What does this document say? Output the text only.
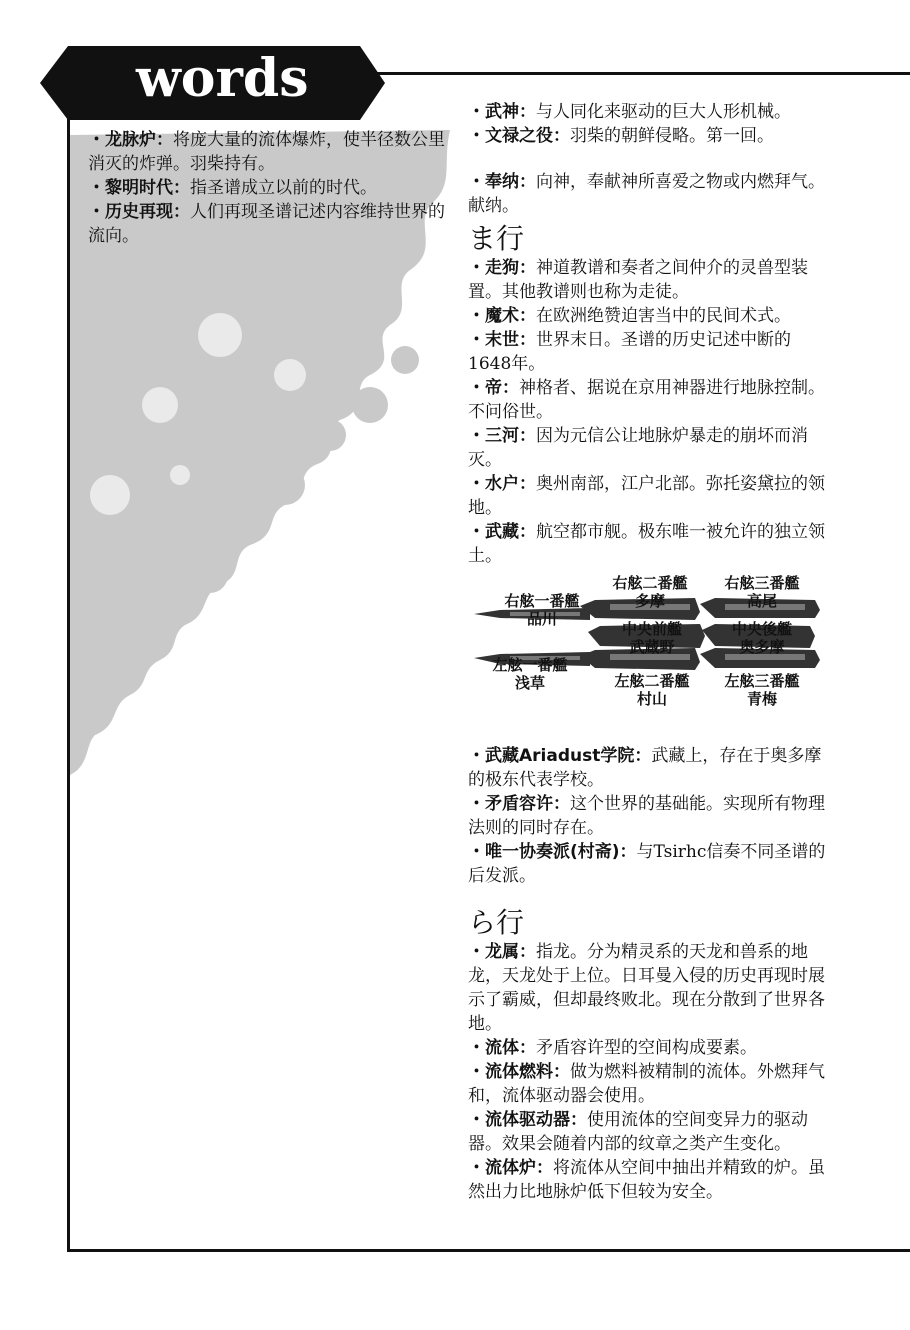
words

・龙脉炉：将庞大量的流体爆炸，使半径数公里消灭的炸弹。羽柴持有。

・黎明时代：指圣谱成立以前的时代。

・历史再现：人们再现圣谱记述内容维持世界的流向。

・武神：与人同化来驱动的巨大人形机械。

・文禄之役：羽柴的朝鲜侵略。第一回。

・奉纳：向神，奉献神所喜爱之物或内燃拜气。献纳。

ま行

・走狗：神道教谱和奏者之间仲介的灵兽型装置。其他教谱则也称为走徒。

・魔术：在欧洲绝赞迫害当中的民间术式。

・末世：世界末日。圣谱的历史记述中断的1648年。

・帝：神格者、据说在京用神器进行地脉控制。不问俗世。

・三河：因为元信公让地脉炉暴走的崩坏而消灭。

・水户：奥州南部，江户北部。弥托姿黛拉的领地。

・武藏：航空都市舰。极东唯一被允许的独立领土。

右舷一番艦
品川
右舷二番艦
多摩
右舷三番艦
高尾
中央前艦
武蔵野
中央後艦
奥多摩
左舷一番艦
浅草	左舷二番艦
村山
左舷三番艦
青梅

・武藏Ariadust学院：武藏上，存在于奥多摩的极东代表学校。

・矛盾容许：这个世界的基础能。实现所有物理法则的同时存在。

・唯一协奏派(村斋)：与Tsirhc信奏不同圣谱的后发派。

ら行

・龙属：指龙。分为精灵系的天龙和兽系的地龙，天龙处于上位。日耳曼入侵的历史再现时展示了霸威，但却最终败北。现在分散到了世界各地。

・流体：矛盾容许型的空间构成要素。

・流体燃料：做为燃料被精制的流体。外燃拜气和，流体驱动器会使用。

・流体驱动器：使用流体的空间变异力的驱动器。效果会随着内部的纹章之类产生变化。

・流体炉：将流体从空间中抽出并精致的炉。虽然出力比地脉炉低下但较为安全。
